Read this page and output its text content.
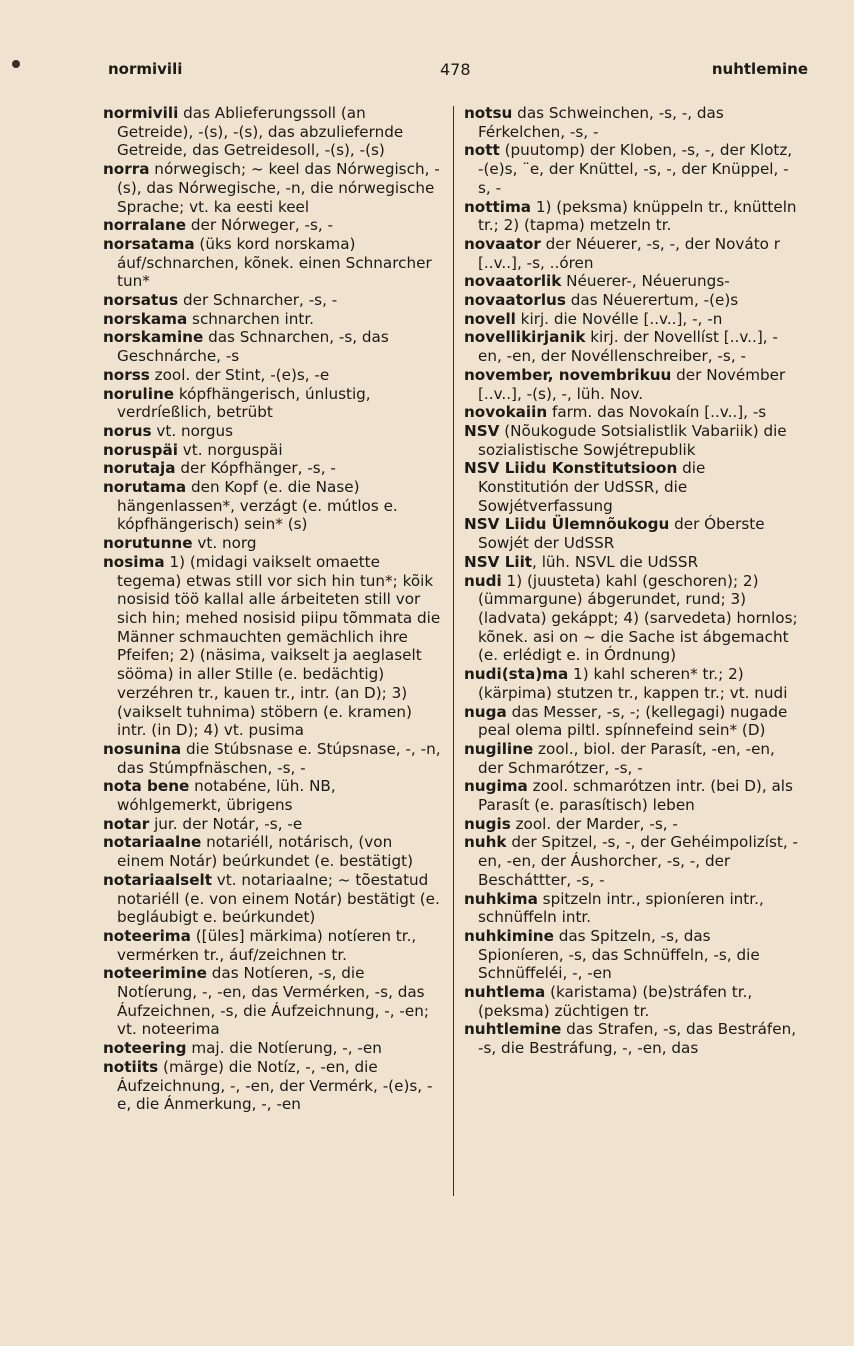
normivili	478	nuhtlemine

normivili das Ablieferungssoll (an Getreide), -(s), -(s), das abzuliefernde Getreide, das Getreidesoll, -(s), -(s)

norra nórwegisch; ~ keel das Nórwegisch, -(s), das Nórwegische, -n, die nórwegische Sprache; vt. ka eesti keel

norralane der Nórweger, -s, -

norsatama (üks kord norskama) áuf/schnarchen, kõnek. einen Schnarcher tun*

norsatus der Schnarcher, -s, -

norskama schnarchen intr.

norskamine das Schnarchen, -s, das Geschnárche, -s

norss zool. der Stint, -(e)s, -e

noruline kópfhängerisch, únlustig, verdríeßlich, betrübt

norus vt. norgus

noruspäi vt. norguspäi

norutaja der Kópfhänger, -s, -

norutama den Kopf (e. die Nase) hängenlassen*, verzágt (e. mútlos e. kópfhängerisch) sein* (s)

norutunne vt. norg

nosima 1) (midagi vaikselt omaette tegema) etwas still vor sich hin tun*; kõik nosisid töö kallal alle árbeiteten still vor sich hin; mehed nosisid piipu tõmmata die Männer schmauchten gemächlich ihre Pfeifen; 2) (näsima, vaikselt ja aeglaselt sööma) in aller Stille (e. bedächtig) verzéhren tr., kauen tr., intr. (an D); 3) (vaikselt tuhnima) stöbern (e. kramen) intr. (in D); 4) vt. pusima

nosunina die Stúbsnase e. Stúpsnase, -, -n, das Stúmpfnäschen, -s, -

nota bene notabéne, lüh. NB, wóhlgemerkt, übrigens

notar jur. der Notár, -s, -e

notariaalne notariéll, notárisch, (von einem Notár) beúrkundet (e. bestätigt)

notariaalselt vt. notariaalne; ~ tõestatud notariéll (e. von einem Notár) bestätigt (e. begláubigt e. beúrkundet)

noteerima ([üles] märkima) notíeren tr., vermérken tr., áuf/zeichnen tr.

noteerimine das Notíeren, -s, die Notíerung, -, -en, das Vermérken, -s, das Áufzeichnen, -s, die Áufzeichnung, -, -en; vt. noteerima

noteering maj. die Notíerung, -, -en

notiits (märge) die Notíz, -, -en, die Áufzeichnung, -, -en, der Vermérk, -(e)s, -e, die Ánmerkung, -, -en

notsu das Schweinchen, -s, -, das Férkelchen, -s, -

nott (puutomp) der Kloben, -s, -, der Klotz, -(e)s, ¨e, der Knüttel, -s, -, der Knüppel, -s, -

nottima 1) (peksma) knüppeln tr., knütteln tr.; 2) (tapma) metzeln tr.

novaator der Néuerer, -s, -, der Nováto r [..v..], -s, ..óren

novaatorlik Néuerer-, Néuerungs-

novaatorlus das Néuerertum, -(e)s

novell kirj. die Novélle [..v..], -, -n

novellikirjanik kirj. der Novellíst [..v..], -en, -en, der Novéllenschreiber, -s, -

november, novembrikuu der Novémber [..v..], -(s), -, lüh. Nov.

novokaiin farm. das Novokaín [..v..], -s

NSV (Nõukogude Sotsialistlik Vabariik) die sozialistische Sowjétrepublik

NSV Liidu Konstitutsioon die Konstitutión der UdSSR, die Sowjétverfassung

NSV Liidu Ülemnõukogu der Óberste Sowjét der UdSSR

NSV Liit, lüh. NSVL die UdSSR

nudi 1) (juusteta) kahl (geschoren); 2) (ümmargune) ábgerundet, rund; 3) (ladvata) gekáppt; 4) (sarvedeta) hornlos; kõnek. asi on ~ die Sache ist ábgemacht (e. erlédigt e. in Órdnung)

nudi(sta)ma 1) kahl scheren* tr.; 2) (kärpima) stutzen tr., kappen tr.; vt. nudi

nuga das Messer, -s, -; (kellegagi) nugade peal olema piltl. spínnefeind sein* (D)

nugiline zool., biol. der Parasít, -en, -en, der Schmarótzer, -s, -

nugima zool. schmarótzen intr. (bei D), als Parasít (e. parasítisch) leben

nugis zool. der Marder, -s, -

nuhk der Spitzel, -s, -, der Gehéimpolizíst, -en, -en, der Áushorcher, -s, -, der Bescháttter, -s, -

nuhkima spitzeln intr., spioníeren intr., schnüffeln intr.

nuhkimine das Spitzeln, -s, das Spioníeren, -s, das Schnüffeln, -s, die Schnüffeléi, -, -en

nuhtlema (karistama) (be)stráfen tr., (peksma) züchtigen tr.

nuhtlemine das Strafen, -s, das Bestráfen, -s, die Bestráfung, -, -en, das
